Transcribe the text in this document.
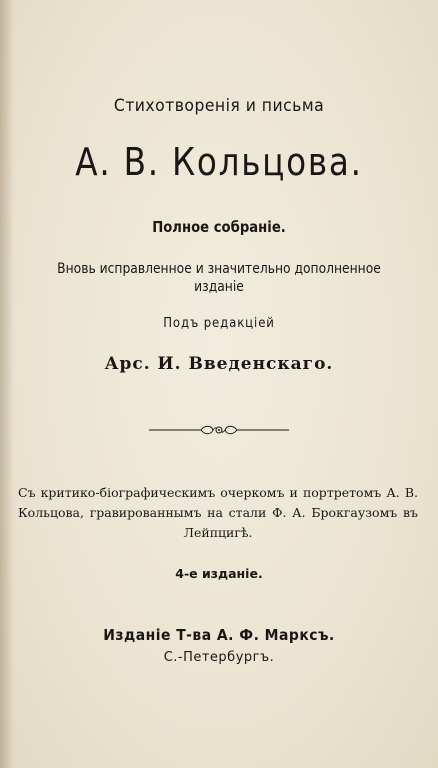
Стихотворенія и письма
А. В. Кольцова.
Полное собраніе.
Вновь исправленное и значительно дополненное
изданіе
Подъ редакціей
Арс. И. Введенскаго.
Съ критико-біографическимъ очеркомъ и портретомъ А. В. Кольцова, гравированнымъ на стали Ф. А. Брокгаузомъ въ Лейпцигѣ.
4-е изданіе.
Изданіе Т-ва А. Ф. Марксъ.
С.-Петербургъ.
